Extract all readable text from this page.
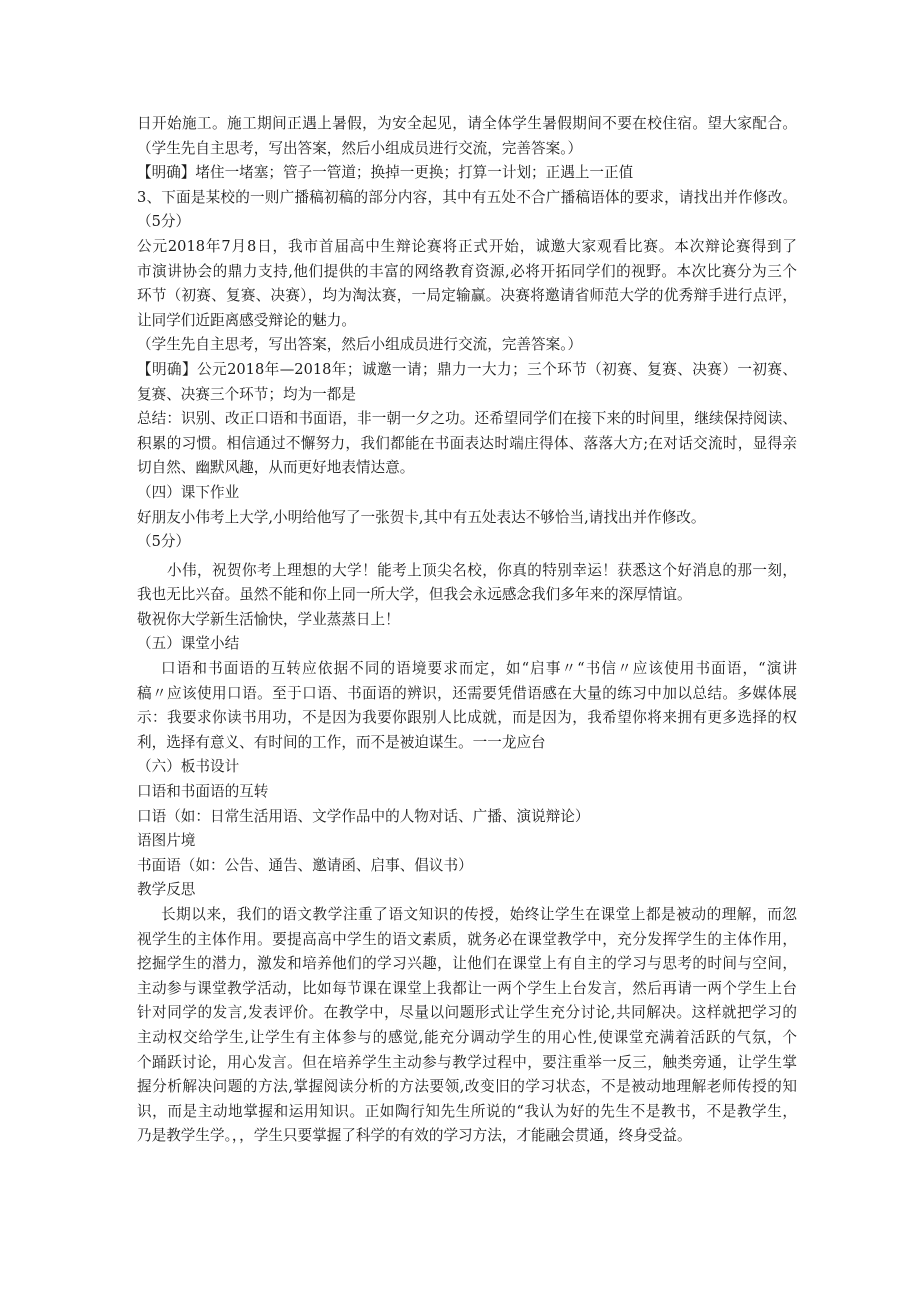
日开始施工。施工期间正遇上暑假，为安全起见，请全体学生暑假期间不要在校住宿。望大家配合。
（学生先自主思考，写出答案，然后小组成员进行交流，完善答案。）
【明确】堵住一堵塞；管子一管道；换掉一更换；打算一计划；正遇上一正值
3、下面是某校的一则广播稿初稿的部分内容，其中有五处不合广播稿语体的要求，请找出并作修改。
（5分）
公元2018年7月8日，我市首届高中生辩论赛将正式开始，诚邀大家观看比赛。本次辩论赛得到了
市演讲协会的鼎力支持,他们提供的丰富的网络教育资源,必将开拓同学们的视野。本次比赛分为三个
环节（初赛、复赛、决赛），均为淘汰赛，一局定输赢。决赛将邀请省师范大学的优秀辩手进行点评，
让同学们近距离感受辩论的魅力。
（学生先自主思考，写出答案，然后小组成员进行交流，完善答案。）
【明确】公元2018年—2018年；诚邀一请；鼎力一大力；三个环节（初赛、复赛、决赛）一初赛、
复赛、决赛三个环节；均为一都是
总结：识别、改正口语和书面语，非一朝一夕之功。还希望同学们在接下来的时间里，继续保持阅读、
积累的习惯。相信通过不懈努力，我们都能在书面表达时端庄得体、落落大方;在对话交流时，显得亲
切自然、幽默风趣，从而更好地表情达意。
（四）课下作业
好朋友小伟考上大学,小明给他写了一张贺卡,其中有五处表达不够恰当,请找出并作修改。
（5分）
小伟，祝贺你考上理想的大学！能考上顶尖名校，你真的特别幸运！获悉这个好消息的那一刻，
我也无比兴奋。虽然不能和你上同一所大学，但我会永远感念我们多年来的深厚情谊。
敬祝你大学新生活愉快，学业蒸蒸日上！
（五）课堂小结
口语和书面语的互转应依据不同的语境要求而定，如“启事〃“书信〃应该使用书面语，“演讲
稿〃应该使用口语。至于口语、书面语的辨识，还需要凭借语感在大量的练习中加以总结。多媒体展
示：我要求你读书用功，不是因为我要你跟别人比成就，而是因为，我希望你将来拥有更多选择的权
利，选择有意义、有时间的工作，而不是被迫谋生。一一龙应台
（六）板书设计
口语和书面语的互转
口语（如：日常生活用语、文学作品中的人物对话、广播、演说辩论）
语图片境
书面语（如：公告、通告、邀请函、启事、倡议书）
教学反思
长期以来，我们的语文教学注重了语文知识的传授，始终让学生在课堂上都是被动的理解，而忽
视学生的主体作用。要提高高中学生的语文素质，就务必在课堂教学中，充分发挥学生的主体作用，
挖掘学生的潜力，激发和培养他们的学习兴趣，让他们在课堂上有自主的学习与思考的时间与空间，
主动参与课堂教学活动，比如每节课在课堂上我都让一两个学生上台发言，然后再请一两个学生上台
针对同学的发言,发表评价。在教学中，尽量以问题形式让学生充分讨论,共同解决。这样就把学习的
主动权交给学生,让学生有主体参与的感觉,能充分调动学生的用心性,使课堂充满着活跃的气氛，个
个踊跃讨论，用心发言。但在培养学生主动参与教学过程中，要注重举一反三，触类旁通，让学生掌
握分析解决问题的方法,掌握阅读分析的方法要领,改变旧的学习状态，不是被动地理解老师传授的知
识，而是主动地掌握和运用知识。正如陶行知先生所说的“我认为好的先生不是教书，不是教学生，
乃是教学生学。，，学生只要掌握了科学的有效的学习方法，才能融会贯通，终身受益。
